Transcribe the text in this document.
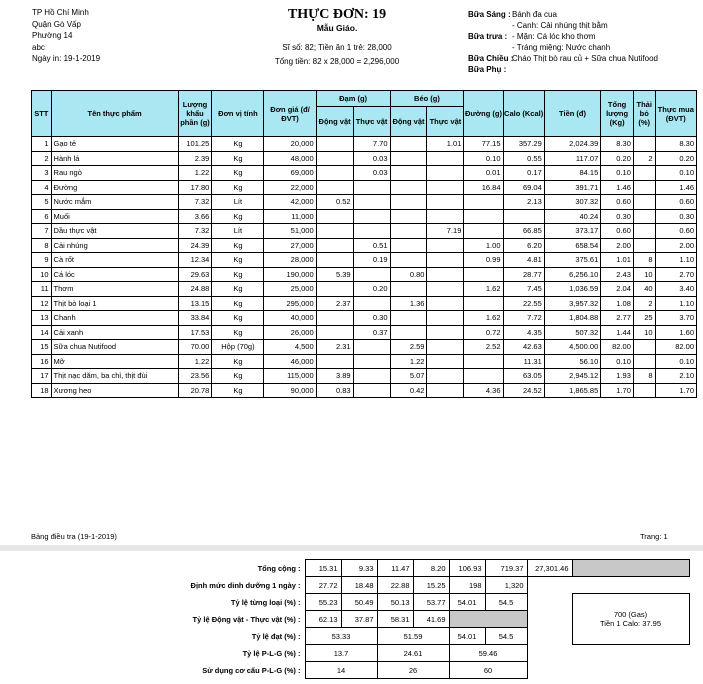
TP Hồ Chí Minh
Quận Gò Vấp
Phường 14
abc
Ngày in: 19-1-2019
THỰC ĐƠN: 19
Mẫu Giáo.
Sĩ số: 82; Tiền ăn 1 trẻ: 28,000
Tổng tiền: 82 x 28,000 = 2,296,000
Bữa Sáng :Bánh đa cua
- Canh: Cải nhúng thịt bằm
Bữa trưa : - Mặn: Cá lóc kho thơm
- Tráng miệng: Nước chanh
Bữa Chiều :Cháo Thịt bò rau củ + Sữa chua Nutifood
Bữa Phụ :
STT	Tên thực phẩm	Lượng khẩu phần (g)	Đơn vị tính	Đơn giá (đ/ĐVT)	Đạm (g)		Béo (g)		Đường (g)	Calo (Kcal)	Tiền (đ)	Tổng lượng (Kg)	Thải bỏ (%)	Thực mua (ĐVT)
					Động vật	Thực vật	Động vật	Thực vật						
1	Gạo tẻ	101.25	Kg	20,000		7.70		1.01	77.15	357.29	2,024.39	8.30		8.30
2	Hành lá	2.39	Kg	48,000		0.03			0.10	0.55	117.07	0.20	2	0.20
3	Rau ngò	1.22	Kg	69,000		0.03			0.01	0.17	84.15	0.10		0.10
4	Đường	17.80	Kg	22,000					16.84	69.04	391.71	1.46		1.46
5	Nước mắm	7.32	Lít	42,000	0.52					2.13	307.32	0.60		0.60
6	Muối	3.66	Kg	11,000							40.24	0.30		0.30
7	Dầu thực vật	7.32	Lít	51,000				7.19		66.85	373.17	0.60		0.60
8	Cải nhúng	24.39	Kg	27,000		0.51			1.00	6.20	658.54	2.00		2.00
9	Cà rốt	12.34	Kg	28,000		0.19			0.99	4.81	375.61	1.01	8	1.10
10	Cá lóc	29.63	Kg	190,000	5.39		0.80			28.77	6,256.10	2.43	10	2.70
11	Thơm	24.88	Kg	25,000		0.20			1.62	7.45	1,036.59	2.04	40	3.40
12	Thịt bò loại 1	13.15	Kg	295,000	2.37		1.36			22.55	3,957.32	1.08	2	1.10
13	Chanh	33.84	Kg	40,000		0.30			1.62	7.72	1,804.88	2.77	25	3.70
14	Cải xanh	17.53	Kg	26,000		0.37			0.72	4.35	507.32	1.44	10	1.60
15	Sữa chua Nutifood	70.00	Hộp (70g)	4,500	2.31		2.59		2.52	42.63	4,500.00	82.00		82.00
16	Mỡ	1.22	Kg	46,000			1.22			11.31	56.10	0.10		0.10
17	Thịt nạc dăm, ba chỉ, thịt đùi	23.56	Kg	115,000	3.89		5.07			63.05	2,945.12	1.93	8	2.10
18	Xương heo	20.78	Kg	90,000	0.83		0.42		4.36	24.52	1,865.85	1.70		1.70
Bảng điều tra (19-1-2019)	Trang: 1
Tổng cộng :	15.31	9.33	11.47	8.20	106.93	719.37	27,301.46	
Định mức dinh dưỡng 1 ngày :	27.72	18.48	22.88	15.25	198	1,320		
Tỷ lệ từng loại (%) :	55.23	50.49	50.13	53.77	54.01	54.5		700 (Gas)
Tiền 1 Calo: 37.95

Tỷ lệ Động vật - Thực vật (%) :	62.13	37.87	58.31	41.69				
Tỷ lệ đạt (%) :	53.33		51.59		54.01	54.5		
Tỷ lệ P-L-G (%) :	13.7		24.61		59.46			
Sử dụng cơ cấu P-L-G (%) :	14		26		60			
